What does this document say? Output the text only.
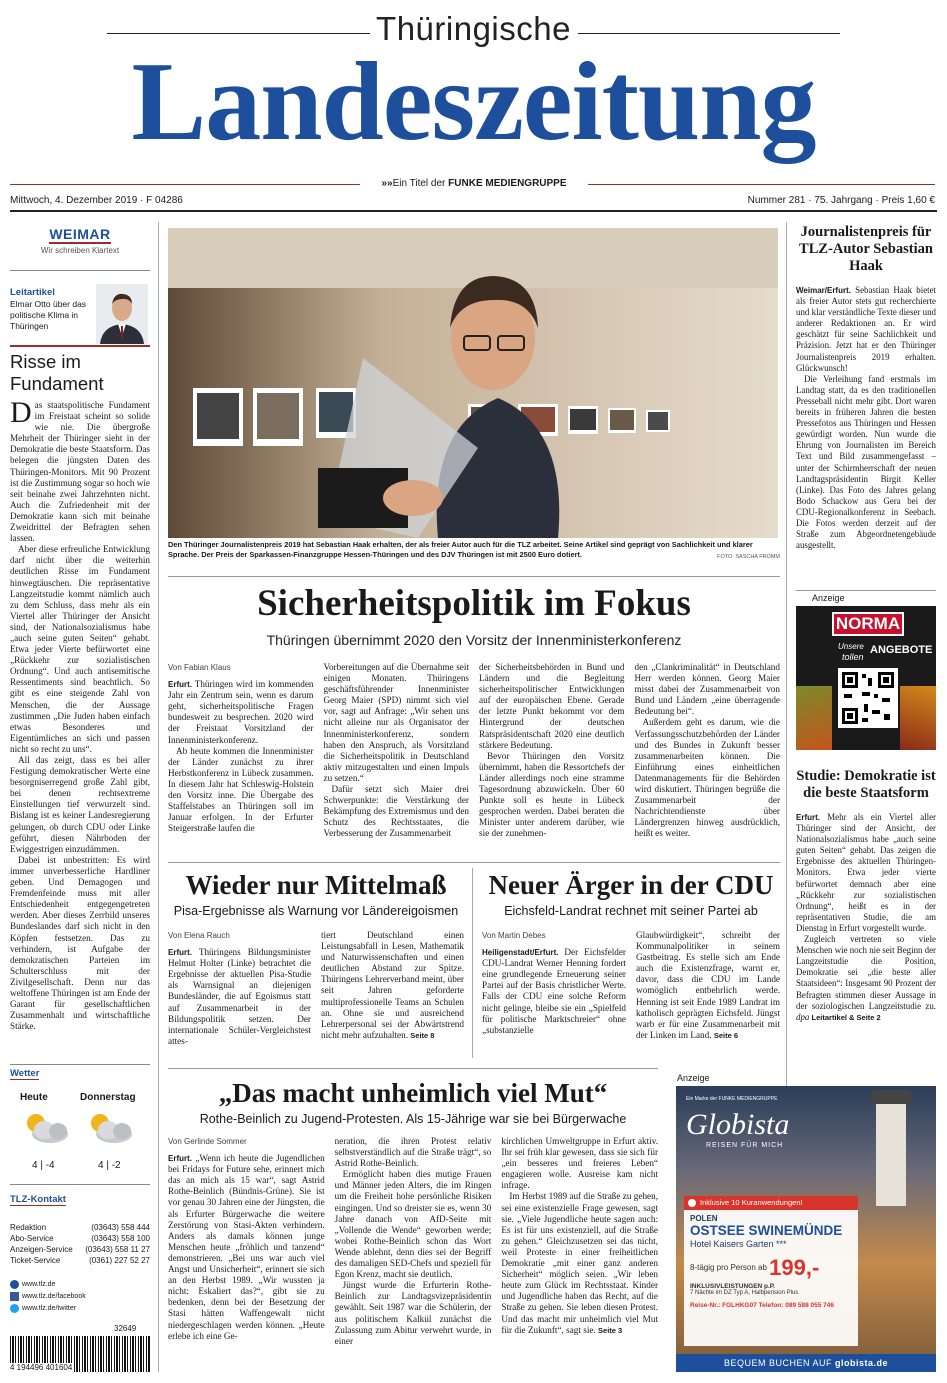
Thüringische
Landeszeitung
»»Ein Titel der FUNKE MEDIENGRUPPE
Mittwoch, 4. Dezember 2019 · F 04286	Nummer 281 · 75. Jahrgang · Preis 1,60 €
WEIMAR
Wir schreiben Klartext
Leitartikel
Elmar Otto über das politische Klima in Thüringen
Risse im Fundament
D as staatspolitische Fundament im Freistaat scheint so solide wie nie. Die übergroße Mehrheit der Thüringer sieht in der Demokratie die beste Staatsform. Das belegen die jüngsten Daten des Thüringen-Monitors. Mit 90 Prozent ist die Zustimmung sogar so hoch wie seit beinahe zwei Jahrzehnten nicht. Auch die Zufriedenheit mit der Demokratie kann sich mit beinahe Zweidrittel der Befragten sehen lassen.

Aber diese erfreuliche Entwicklung darf nicht über die weiterhin deutlichen Risse im Fundament hinwegtäuschen. Die repräsentative Langzeitstudie kommt nämlich auch zu dem Schluss, dass mehr als ein Viertel aller Thüringer der Ansicht sind, der Nationalsozialismus habe „auch seine guten Seiten“ gehabt. Etwa jeder Vierte befürwortet eine „Rückkehr zur sozialistischen Ordnung“. Und auch antisemitische Ressentiments sind beachtlich. So gibt es eine steigende Zahl von Menschen, die der Aussage zustimmen „Die Juden haben einfach etwas Besonderes und Eigentümliches an sich und passen nicht so recht zu uns“.

All das zeigt, dass es bei aller Festigung demokratischer Werte eine besorgniserregend große Zahl gibt, bei denen rechtsextreme Einstellungen tief verwurzelt sind. Bislang ist es keiner Landesregierung gelungen, ob durch CDU oder Linke geführt, diesen Nährboden der Ewiggestrigen einzudämmen.

Dabei ist unbestritten: Es wird immer unverbesserliche Hardliner geben. Und Demagogen und Fremdenfeinde muss mit aller Entschiedenheit entgegengetreten werden. Aber dieses Zerrbild unseres Bundeslandes darf sich nicht in den Köpfen festsetzen. Das zu verhindern, ist Aufgabe der demokratischen Parteien im Schulterschluss mit der Zivilgesellschaft. Denn nur das weltoffene Thüringen ist am Ende der Garant für gesellschaftlichen Zusammenhalt und wirtschaftliche Stärke.

Wetter
Heute	Donnerstag
4 | -4	4 | -2
TLZ-Kontakt
Redaktion	(03643) 558 444
Abo-Service	(03643) 558 100
Anzeigen-Service (03643) 558 11 27
Ticket-Service	(0361) 227 52 27
www.tlz.de
www.tlz.de/facebook
www.tlz.de/twitter
32649
4 194496 401604
Den Thüringer Journalistenpreis 2019 hat Sebastian Haak erhalten, der als freier Autor auch für die TLZ arbeitet. Seine Artikel sind geprägt von Sachlichkeit und klarer Sprache. Der Preis der Sparkassen-Finanzgruppe Hessen-Thüringen und des DJV Thüringen ist mit 2500 Euro dotiert.	FOTO: SASCHA FROMM
Journalistenpreis für TLZ-Autor Sebastian Haak

Weimar/Erfurt. Sebastian Haak bietet als freier Autor stets gut recherchierte und klar verständliche Texte dieser und anderer Redaktionen an. Er wird geschätzt für seine Sachlichkeit und Präzision. Jetzt hat er den Thüringer Journalistenpreis 2019 erhalten. Glückwunsch!

Die Verleihung fand erstmals im Landtag statt, da es den traditionellen Presseball nicht mehr gibt. Dort waren bereits in früheren Jahren die besten Pressefotos aus Thüringen und Hessen gewürdigt worden. Nun wurde die Ehrung von Journalisten im Bereich Text und Bild zusammengefasst – unter der Schirmherrschaft der neuen Landtagspräsidentin Birgit Keller (Linke). Das Foto des Jahres gelang Bodo Schackow aus Gera bei der CDU-Regionalkonferenz in Seebach. Die Fotos werden derzeit auf der Straße zum Abgeordnetengebäude ausgestellt.

Sicherheitspolitik im Fokus
Thüringen übernimmt 2020 den Vorsitz der Innenministerkonferenz
Von Fabian Klaus

Erfurt. Thüringen wird im kommenden Jahr ein Zentrum sein, wenn es darum geht, sicherheitspolitische Fragen bundesweit zu besprechen. 2020 wird der Freistaat Vorsitzland der Innenministerkonferenz.

Ab heute kommen die Innenminister der Länder zunächst zu ihrer Herbstkonferenz in Lübeck zusammen. In diesem Jahr hat Schleswig-Holstein den Vorsitz inne. Die Übergabe des Staffelstabes an Thüringen soll im Januar erfolgen. In der Erfurter Steigerstraße laufen die

Vorbereitungen auf die Übernahme seit einigen Monaten. Thüringens geschäftsführender Innenminister Georg Maier (SPD) nimmt sich viel vor, sagt auf Anfrage: „Wir sehen uns nicht alleine nur als Organisator der Innenministerkonferenz, sondern haben den Anspruch, als Vorsitzland die Sicherheitspolitik in Deutschland aktiv mitzugestalten und einen Impuls zu setzen.“

Dafür setzt sich Maier drei Schwerpunkte: die Verstärkung der Bekämpfung des Extremismus und den Schutz des Rechtsstaates, die Verbesserung der Zusammenarbeit

der Sicherheitsbehörden in Bund und Ländern und die Begleitung sicherheitspolitischer Entwicklungen auf der europäischen Ebene. Gerade der letzte Punkt bekommt vor dem Hintergrund der deutschen Ratspräsidentschaft 2020 eine deutlich stärkere Bedeutung.

Bevor Thüringen den Vorsitz übernimmt, haben die Ressortchefs der Länder allerdings noch eine stramme Tagesordnung abzuwickeln. Über 60 Punkte soll es heute in Lübeck gesprochen werden. Dabei beraten die Minister unter anderem darüber, wie sie der zunehmen-

den „Clankriminalität“ in Deutschland Herr werden können. Georg Maier misst dabei der Zusammenarbeit von Bund und Ländern „eine überragende Bedeutung bei“.

Außerdem geht es darum, wie die Verfassungsschutzbehörden der Länder und des Bundes in Zukunft besser zusammenarbeiten können. Die Einführung eines einheitlichen Datenmanagements für die Behörden wird diskutiert. Thüringen begrüße die Zusammenarbeit der Nachrichtendienste über Ländergrenzen hinweg ausdrücklich, heißt es weiter.

Wieder nur Mittelmaß
Pisa-Ergebnisse als Warnung vor Ländereigoismen
Von Elena Rauch

Erfurt. Thüringens Bildungsminister Helmut Holter (Linke) betrachtet die Ergebnisse der aktuellen Pisa-Studie als Warnsignal an diejenigen Bundesländer, die auf Egoismus statt auf Zusammenarbeit in der Bildungspolitik setzen. Der internationale Schüler-Vergleichstest attes-

tiert Deutschland einen Leistungsabfall in Lesen, Mathematik und Naturwissenschaften und einen deutlichen Abstand zur Spitze. Thüringens Lehrerverband meint, über seit Jahren geforderte multiprofessionelle Teams an Schulen an. Ohne sie und ausreichend Lehrerpersonal sei der Abwärtstrend nicht mehr aufzuhalten. Seite 8

Neuer Ärger in der CDU
Eichsfeld-Landrat rechnet mit seiner Partei ab
Von Martin Debes

Heiligenstadt/Erfurt. Der Eichsfelder CDU-Landrat Werner Henning fordert eine grundlegende Erneuerung seiner Partei auf der Basis christlicher Werte. Falls der CDU eine solche Reform nicht gelinge, bleibe sie ein „Spielfeld für politische Marktschreier“ ohne „substanzielle

Glaubwürdigkeit“, schreibt der Kommunalpolitiker in seinem Gastbeitrag. Es stelle sich am Ende auch die Existenzfrage, warnt er, davor, dass die CDU im Lande womöglich entbehrlich werde. Henning ist seit Ende 1989 Landrat im katholisch geprägten Eichsfeld. Jüngst warb er für eine Zusammenarbeit mit der Linken im Land. Seite 6

Anzeige
NORMA
Unsere
tollen
ANGEBOTE
Studie: Demokratie ist die beste Staatsform

Erfurt. Mehr als ein Viertel aller Thüringer sind der Ansicht, der Nationalsozialismus habe „auch seine guten Seiten“ gehabt. Das zeigen die Ergebnisse des aktuellen Thüringen-Monitors. Etwa jeder vierte befürwortet demnach aber eine „Rückkehr zur sozialistischen Ordnung“, heißt es in der repräsentativen Studie, die am Dienstag in Erfurt vorgestellt wurde.

Zugleich vertreten so viele Menschen wie noch nie seit Beginn der Langzeitstudie die Position, Demokratie sei „die beste aller Staatsideen“: Insgesamt 90 Prozent der Befragten stimmen dieser Aussage in der soziologischen Langzeitstudie zu. dpa Leitartikel & Seite 2

„Das macht unheimlich viel Mut“
Rothe-Beinlich zu Jugend-Protesten. Als 15-Jährige war sie bei Bürgerwache
Von Gerlinde Sommer

Erfurt. „Wenn ich heute die Jugendlichen bei Fridays for Future sehe, erinnert mich das an mich als 15 war“, sagt Astrid Rothe-Beinlich (Bündnis-Grüne). Sie ist vor genau 30 Jahren eine der Jüngsten, die als Erfurter Bürgerwache die weitere Zerstörung von Stasi-Akten verhindern. Anders als damals können junge Menschen heute „fröhlich und tanzend“ demonstrieren. „Bei uns war auch viel Angst und Unsicherheit“, erinnert sie sich an den Herbst 1989. „Wir wussten ja nicht: Eskaliert das?“, gibt sie zu bedenken, denn bei der Besetzung der Stasi hätten Waffengewalt nicht niedergeschlagen werden können. „Heute erlebe ich eine Ge-

neration, die ihren Protest relativ selbstverständlich auf die Straße trägt“, so Astrid Rothe-Beinlich.

Ermöglicht haben dies mutige Frauen und Männer jeden Alters, die im Ringen um die Freiheit hohe persönliche Risiken eingingen. Und so dreister sie es, wenn 30 Jahre danach von AfD-Seite mit „Vollende die Wende“ geworben werde; wobei Rothe-Beinlich schon das Wort Wende ablehnt, denn dies sei der Begriff des damaligen SED-Chefs und speziell für Egon Krenz, macht sie deutlich.

Jüngst wurde die Erfurterin Rothe-Beinlich zur Landtagsvizepräsidentin gewählt. Seit 1987 war die Schülerin, der aus politischem Kalkül zunächst die Zulassung zum Abitur verwehrt wurde, in einer

kirchlichen Umweltgruppe in Erfurt aktiv. Ihr sei früh klar gewesen, dass sie sich für „ein besseres und freieres Leben“ engagieren wolle. Ausreise kam nicht infrage.

Im Herbst 1989 auf die Straße zu gehen, sei eine existenzielle Frage gewesen, sagt sie. „Viele Jugendliche heute sagen auch: Es ist für uns existenziell, auf die Straße zu gehen.“ Gleichzusetzen sei das nicht, weil Proteste in einer freiheitlichen Demokratie „mit einer ganz anderen Sicherheit“ möglich seien. „Wir leben heute zum Glück im Rechtsstaat. Kinder und Jugendliche haben das Recht, auf die Straße zu gehen. Sie leben diesen Protest. Und das macht mir unheimlich viel Mut für die Zukunft“, sagt sie. Seite 3

Anzeige
Ein Marke der FUNKE MEDIENGRUPPE
Globista
REISEN FÜR MICH
Inklusive 10 Kuranwendungen!
POLEN
OSTSEE SWINEMÜNDE
Hotel Kaisers Garten ***
8-tägig pro Person ab 199,-
INKLUSIVLEISTUNGEN p.P.
7 Nächte im DZ Typ A, Halbpension Plus
Reise-Nr.: FGLHKG07 Telefon: 089 588 055 746
BEQUEM BUCHEN AUF globista.de
